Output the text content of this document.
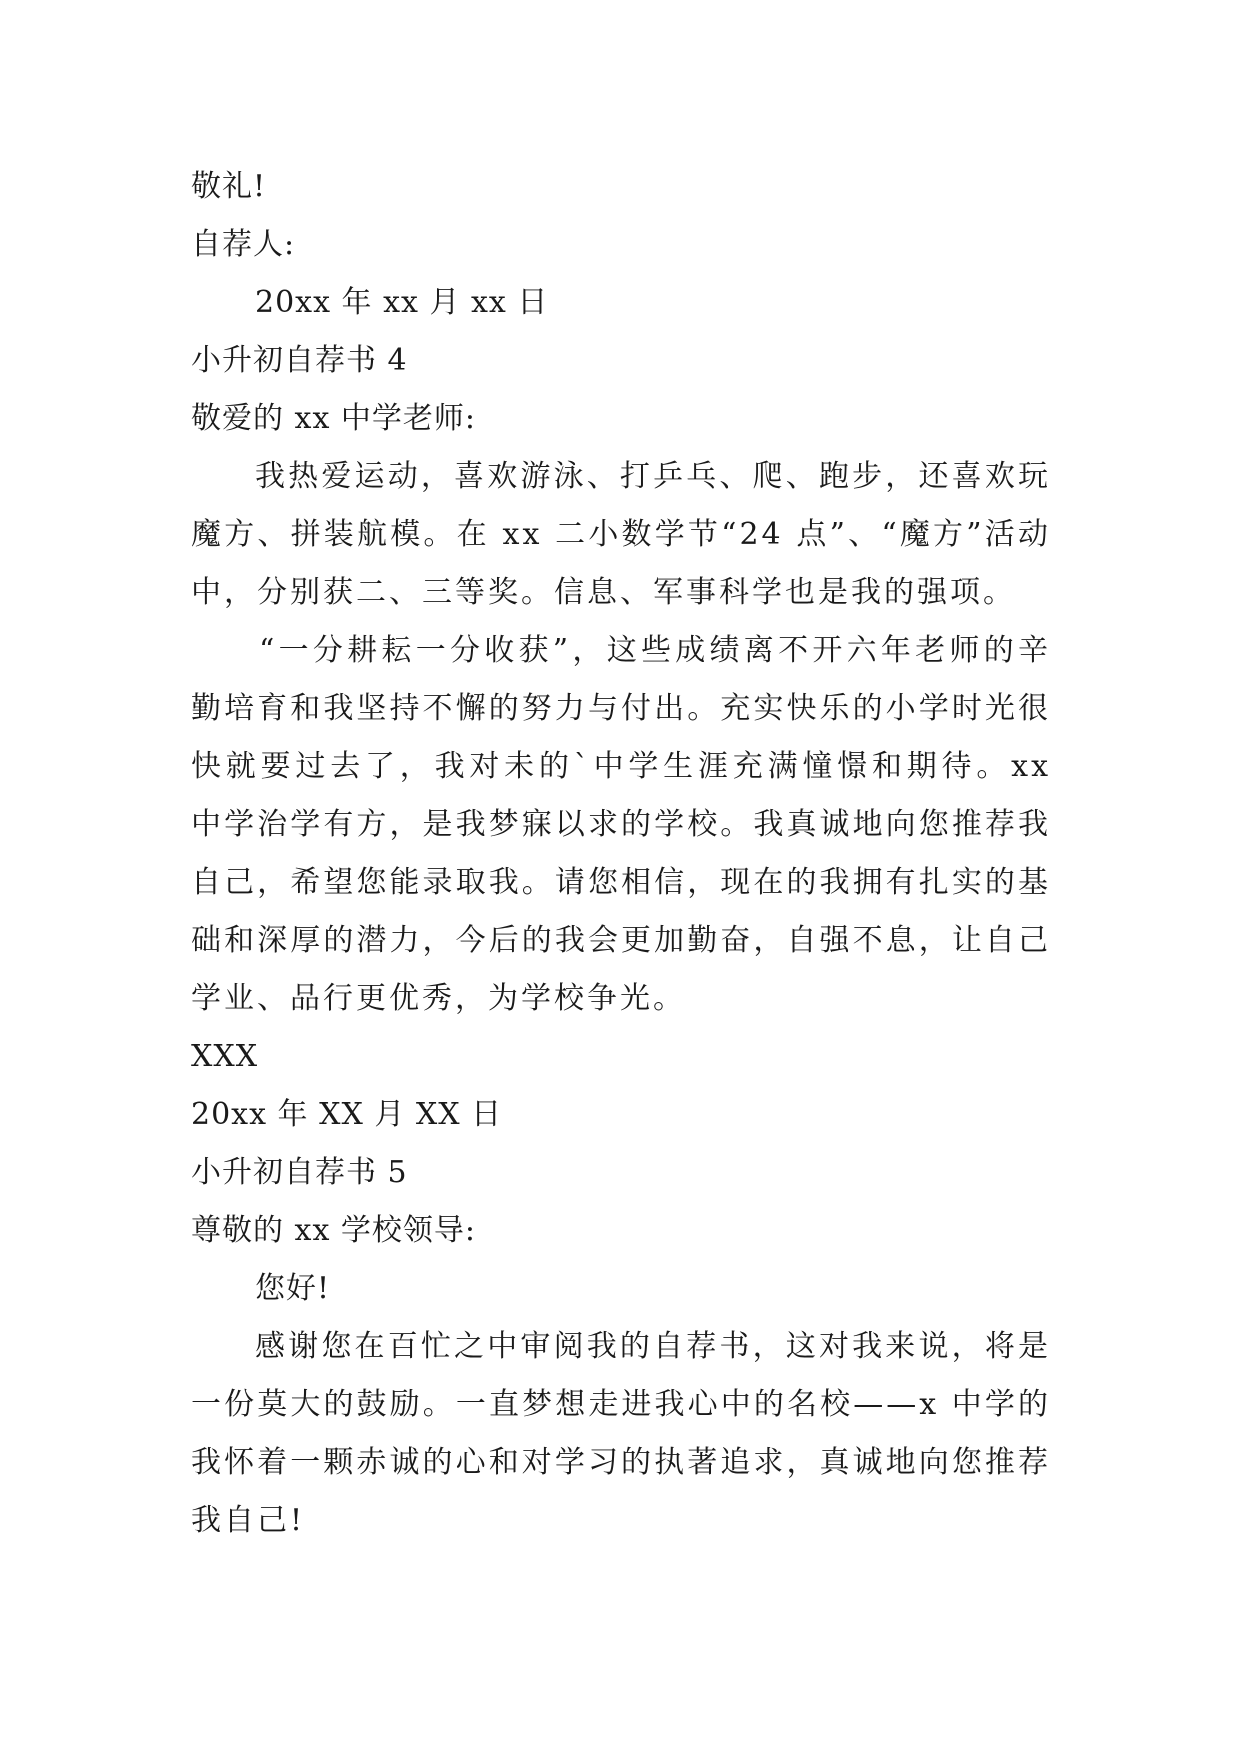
敬礼!
自荐人:
20xx 年 xx 月 xx 日
小升初自荐书 4
敬爱的 xx 中学老师:

我热爱运动，喜欢游泳、打乒乓、爬、跑步，还喜欢玩魔方、拼装航模。在 xx 二小数学节“24 点”、“魔方”活动中，分别获二、三等奖。信息、军事科学也是我的强项。

“一分耕耘一分收获”，这些成绩离不开六年老师的辛勤培育和我坚持不懈的努力与付出。充实快乐的小学时光很快就要过去了，我对未的`中学生涯充满憧憬和期待。xx 中学治学有方，是我梦寐以求的学校。我真诚地向您推荐我自己，希望您能录取我。请您相信，现在的我拥有扎实的基础和深厚的潜力，今后的我会更加勤奋，自强不息，让自己学业、品行更优秀，为学校争光。

XXX
20xx 年 XX 月 XX 日
小升初自荐书 5
尊敬的 xx 学校领导:
您好!

感谢您在百忙之中审阅我的自荐书，这对我来说，将是一份莫大的鼓励。一直梦想走进我心中的名校——x 中学的我怀着一颗赤诚的心和对学习的执著追求，真诚地向您推荐我自己!
